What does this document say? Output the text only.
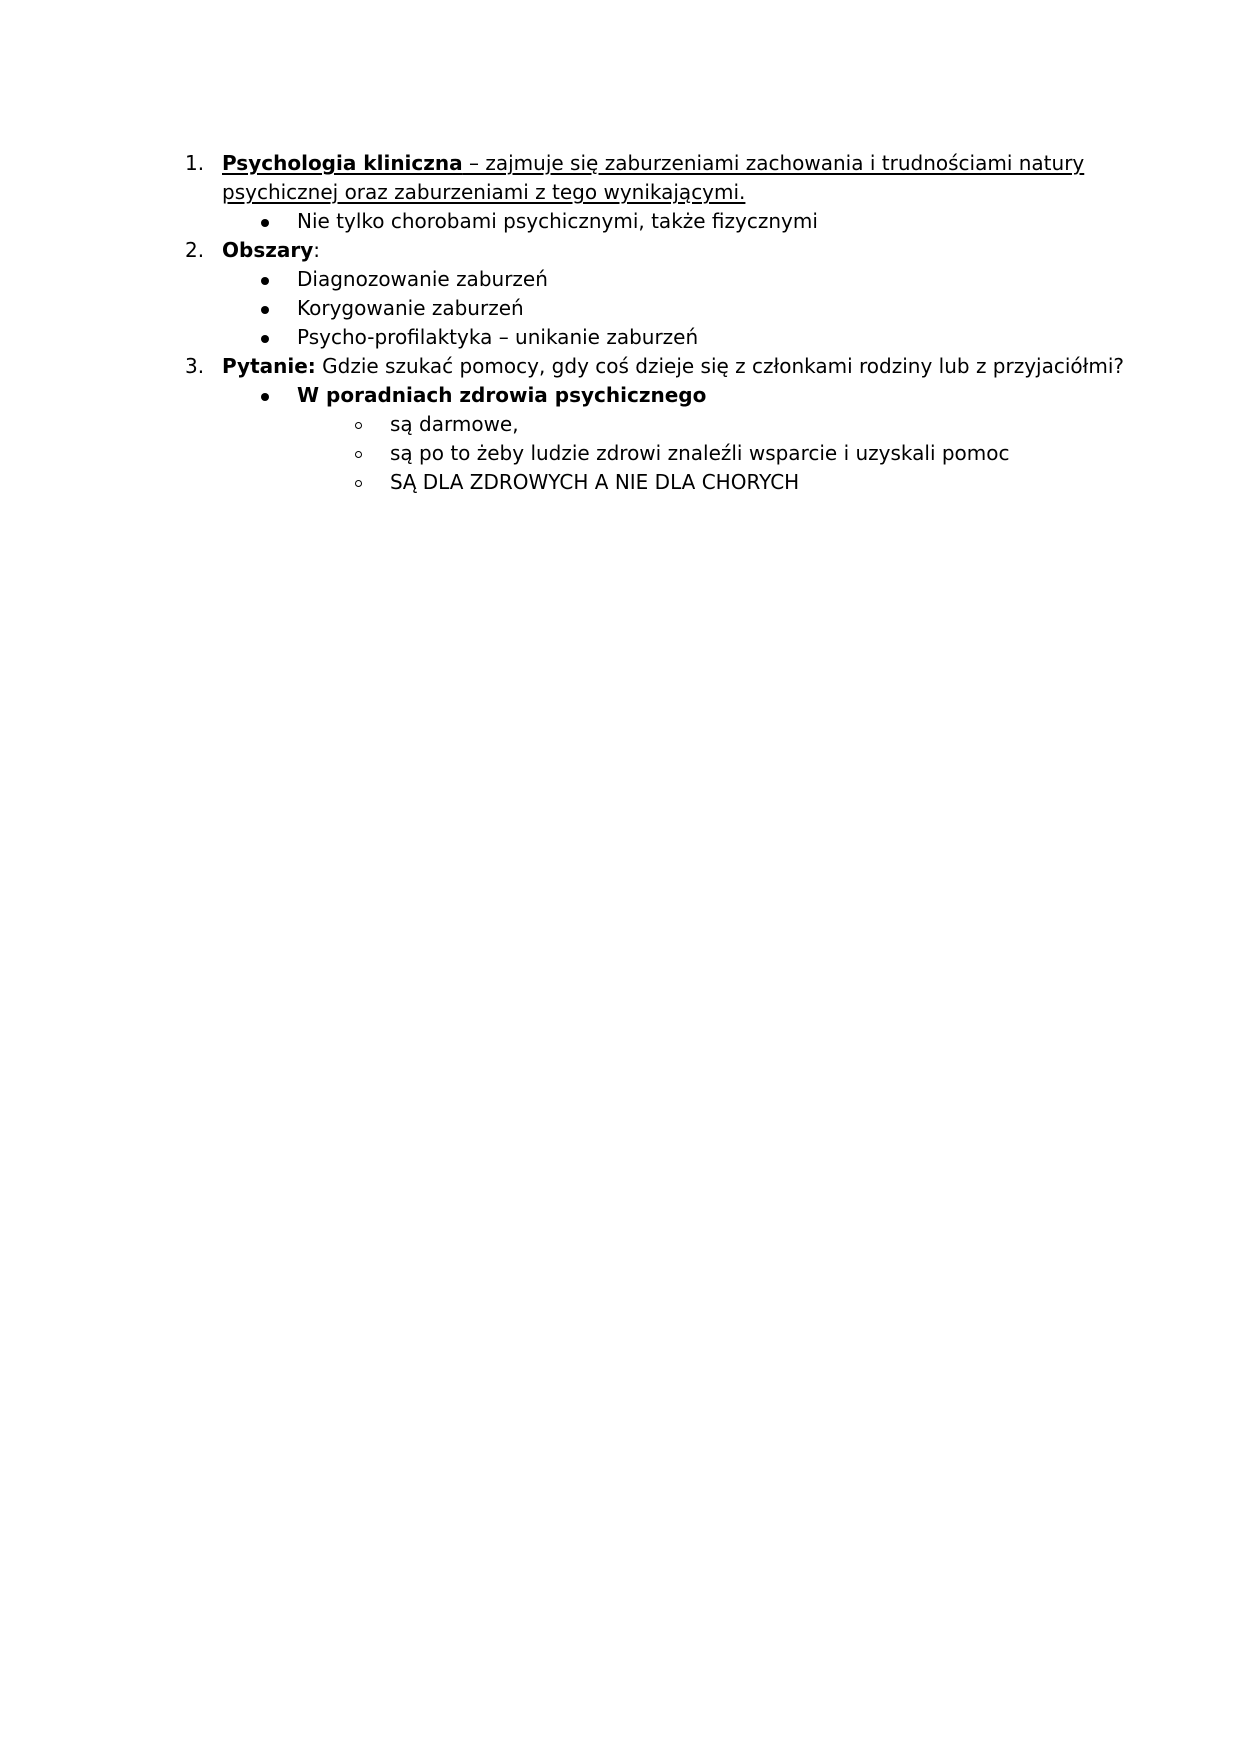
1. Psychologia kliniczna – zajmuje się zaburzeniami zachowania i trudnościami natury
psychicznej oraz zaburzeniami z tego wynikającymi.
Nie tylko chorobami psychicznymi, także fizycznymi
2. Obszary:
Diagnozowanie zaburzeń
Korygowanie zaburzeń
Psycho-profilaktyka – unikanie zaburzeń
3. Pytanie: Gdzie szukać pomocy, gdy coś dzieje się z członkami rodziny lub z przyjaciółmi?
W poradniach zdrowia psychicznego
są darmowe,
są po to żeby ludzie zdrowi znaleźli wsparcie i uzyskali pomoc
SĄ DLA ZDROWYCH A NIE DLA CHORYCH
